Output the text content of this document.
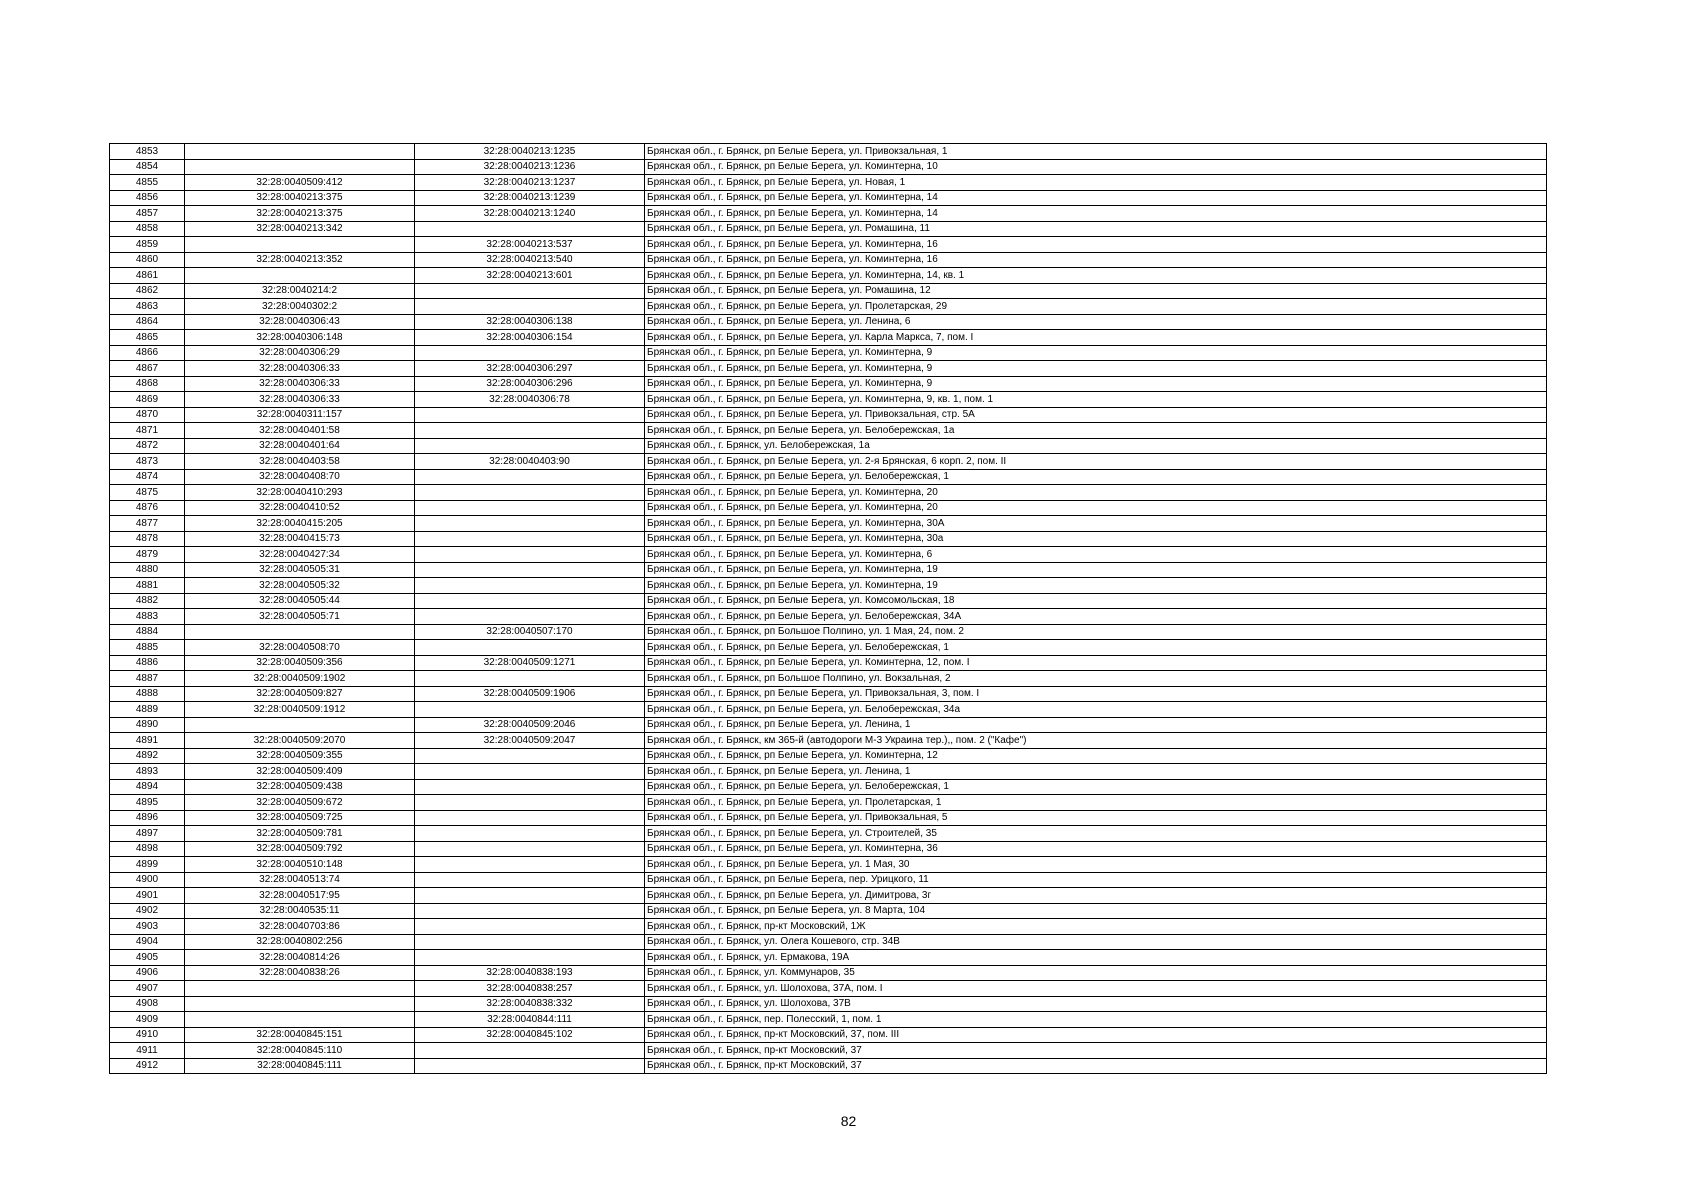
4853		32:28:0040213:1235	Брянская обл., г. Брянск, рп Белые Берега, ул. Привокзальная, 1
4854		32:28:0040213:1236	Брянская обл., г. Брянск, рп Белые Берега, ул. Коминтерна, 10
4855	32:28:0040509:412	32:28:0040213:1237	Брянская обл., г. Брянск, рп Белые Берега, ул. Новая, 1
4856	32:28:0040213:375	32:28:0040213:1239	Брянская обл., г. Брянск, рп Белые Берега, ул. Коминтерна, 14
4857	32:28:0040213:375	32:28:0040213:1240	Брянская обл., г. Брянск, рп Белые Берега, ул. Коминтерна, 14
4858	32:28:0040213:342		Брянская обл., г. Брянск, рп Белые Берега, ул. Ромашина, 11
4859		32:28:0040213:537	Брянская обл., г. Брянск, рп Белые Берега, ул. Коминтерна, 16
4860	32:28:0040213:352	32:28:0040213:540	Брянская обл., г. Брянск, рп Белые Берега, ул. Коминтерна, 16
4861		32:28:0040213:601	Брянская обл., г. Брянск, рп Белые Берега, ул. Коминтерна, 14, кв. 1
4862	32:28:0040214:2		Брянская обл., г. Брянск, рп Белые Берега, ул. Ромашина, 12
4863	32:28:0040302:2		Брянская обл., г. Брянск, рп Белые Берега, ул. Пролетарская, 29
4864	32:28:0040306:43	32:28:0040306:138	Брянская обл., г. Брянск, рп Белые Берега, ул. Ленина, 6
4865	32:28:0040306:148	32:28:0040306:154	Брянская обл., г. Брянск, рп Белые Берега, ул. Карла Маркса, 7, пом. I
4866	32:28:0040306:29		Брянская обл., г. Брянск, рп Белые Берега, ул. Коминтерна, 9
4867	32:28:0040306:33	32:28:0040306:297	Брянская обл., г. Брянск, рп Белые Берега, ул. Коминтерна, 9
4868	32:28:0040306:33	32:28:0040306:296	Брянская обл., г. Брянск, рп Белые Берега, ул. Коминтерна, 9
4869	32:28:0040306:33	32:28:0040306:78	Брянская обл., г. Брянск, рп Белые Берега, ул. Коминтерна, 9, кв. 1, пом. 1
4870	32:28:0040311:157		Брянская обл., г. Брянск, рп Белые Берега, ул. Привокзальная, стр. 5А
4871	32:28:0040401:58		Брянская обл., г. Брянск, рп Белые Берега, ул. Белобережская, 1а
4872	32:28:0040401:64		Брянская обл., г. Брянск, ул. Белобережская, 1а
4873	32:28:0040403:58	32:28:0040403:90	Брянская обл., г. Брянск, рп Белые Берега, ул. 2-я Брянская, 6 корп. 2, пом. II
4874	32:28:0040408:70		Брянская обл., г. Брянск, рп Белые Берега, ул. Белобережская, 1
4875	32:28:0040410:293		Брянская обл., г. Брянск, рп Белые Берега, ул. Коминтерна, 20
4876	32:28:0040410:52		Брянская обл., г. Брянск, рп Белые Берега, ул. Коминтерна, 20
4877	32:28:0040415:205		Брянская обл., г. Брянск, рп Белые Берега, ул. Коминтерна, 30А
4878	32:28:0040415:73		Брянская обл., г. Брянск, рп Белые Берега, ул. Коминтерна, 30а
4879	32:28:0040427:34		Брянская обл., г. Брянск, рп Белые Берега, ул. Коминтерна, 6
4880	32:28:0040505:31		Брянская обл., г. Брянск, рп Белые Берега, ул. Коминтерна, 19
4881	32:28:0040505:32		Брянская обл., г. Брянск, рп Белые Берега, ул. Коминтерна, 19
4882	32:28:0040505:44		Брянская обл., г. Брянск, рп Белые Берега, ул. Комсомольская, 18
4883	32:28:0040505:71		Брянская обл., г. Брянск, рп Белые Берега, ул. Белобережская, 34А
4884		32:28:0040507:170	Брянская обл., г. Брянск, рп Большое Полпино, ул. 1 Мая, 24, пом. 2
4885	32:28:0040508:70		Брянская обл., г. Брянск, рп Белые Берега, ул. Белобережская, 1
4886	32:28:0040509:356	32:28:0040509:1271	Брянская обл., г. Брянск, рп Белые Берега, ул. Коминтерна, 12, пом. I
4887	32:28:0040509:1902		Брянская обл., г. Брянск, рп Большое Полпино, ул. Вокзальная, 2
4888	32:28:0040509:827	32:28:0040509:1906	Брянская обл., г. Брянск, рп Белые Берега, ул. Привокзальная, 3, пом. I
4889	32:28:0040509:1912		Брянская обл., г. Брянск, рп Белые Берега, ул. Белобережская, 34а
4890		32:28:0040509:2046	Брянская обл., г. Брянск, рп Белые Берега, ул. Ленина, 1
4891	32:28:0040509:2070	32:28:0040509:2047	Брянская обл., г. Брянск, км 365-й (автодороги М-3 Украина тер.),, пом. 2 ("Кафе")
4892	32:28:0040509:355		Брянская обл., г. Брянск, рп Белые Берега, ул. Коминтерна, 12
4893	32:28:0040509:409		Брянская обл., г. Брянск, рп Белые Берега, ул. Ленина, 1
4894	32:28:0040509:438		Брянская обл., г. Брянск, рп Белые Берега, ул. Белобережская, 1
4895	32:28:0040509:672		Брянская обл., г. Брянск, рп Белые Берега, ул. Пролетарская, 1
4896	32:28:0040509:725		Брянская обл., г. Брянск, рп Белые Берега, ул. Привокзальная, 5
4897	32:28:0040509:781		Брянская обл., г. Брянск, рп Белые Берега, ул. Строителей, 35
4898	32:28:0040509:792		Брянская обл., г. Брянск, рп Белые Берега, ул. Коминтерна, 36
4899	32:28:0040510:148		Брянская обл., г. Брянск, рп Белые Берега, ул. 1 Мая, 30
4900	32:28:0040513:74		Брянская обл., г. Брянск, рп Белые Берега, пер. Урицкого, 11
4901	32:28:0040517:95		Брянская обл., г. Брянск, рп Белые Берега, ул. Димитрова, 3г
4902	32:28:0040535:11		Брянская обл., г. Брянск, рп Белые Берега, ул. 8 Марта, 104
4903	32:28:0040703:86		Брянская обл., г. Брянск, пр-кт Московский, 1Ж
4904	32:28:0040802:256		Брянская обл., г. Брянск, ул. Олега Кошевого, стр. 34В
4905	32:28:0040814:26		Брянская обл., г. Брянск, ул. Ермакова, 19А
4906	32:28:0040838:26	32:28:0040838:193	Брянская обл., г. Брянск, ул. Коммунаров, 35
4907		32:28:0040838:257	Брянская обл., г. Брянск, ул. Шолохова, 37А, пом. I
4908		32:28:0040838:332	Брянская обл., г. Брянск, ул. Шолохова, 37В
4909		32:28:0040844:111	Брянская обл., г. Брянск, пер. Полесский, 1, пом. 1
4910	32:28:0040845:151	32:28:0040845:102	Брянская обл., г. Брянск, пр-кт Московский, 37, пом. III
4911	32:28:0040845:110		Брянская обл., г. Брянск, пр-кт Московский, 37
4912	32:28:0040845:111		Брянская обл., г. Брянск, пр-кт Московский, 37
82
